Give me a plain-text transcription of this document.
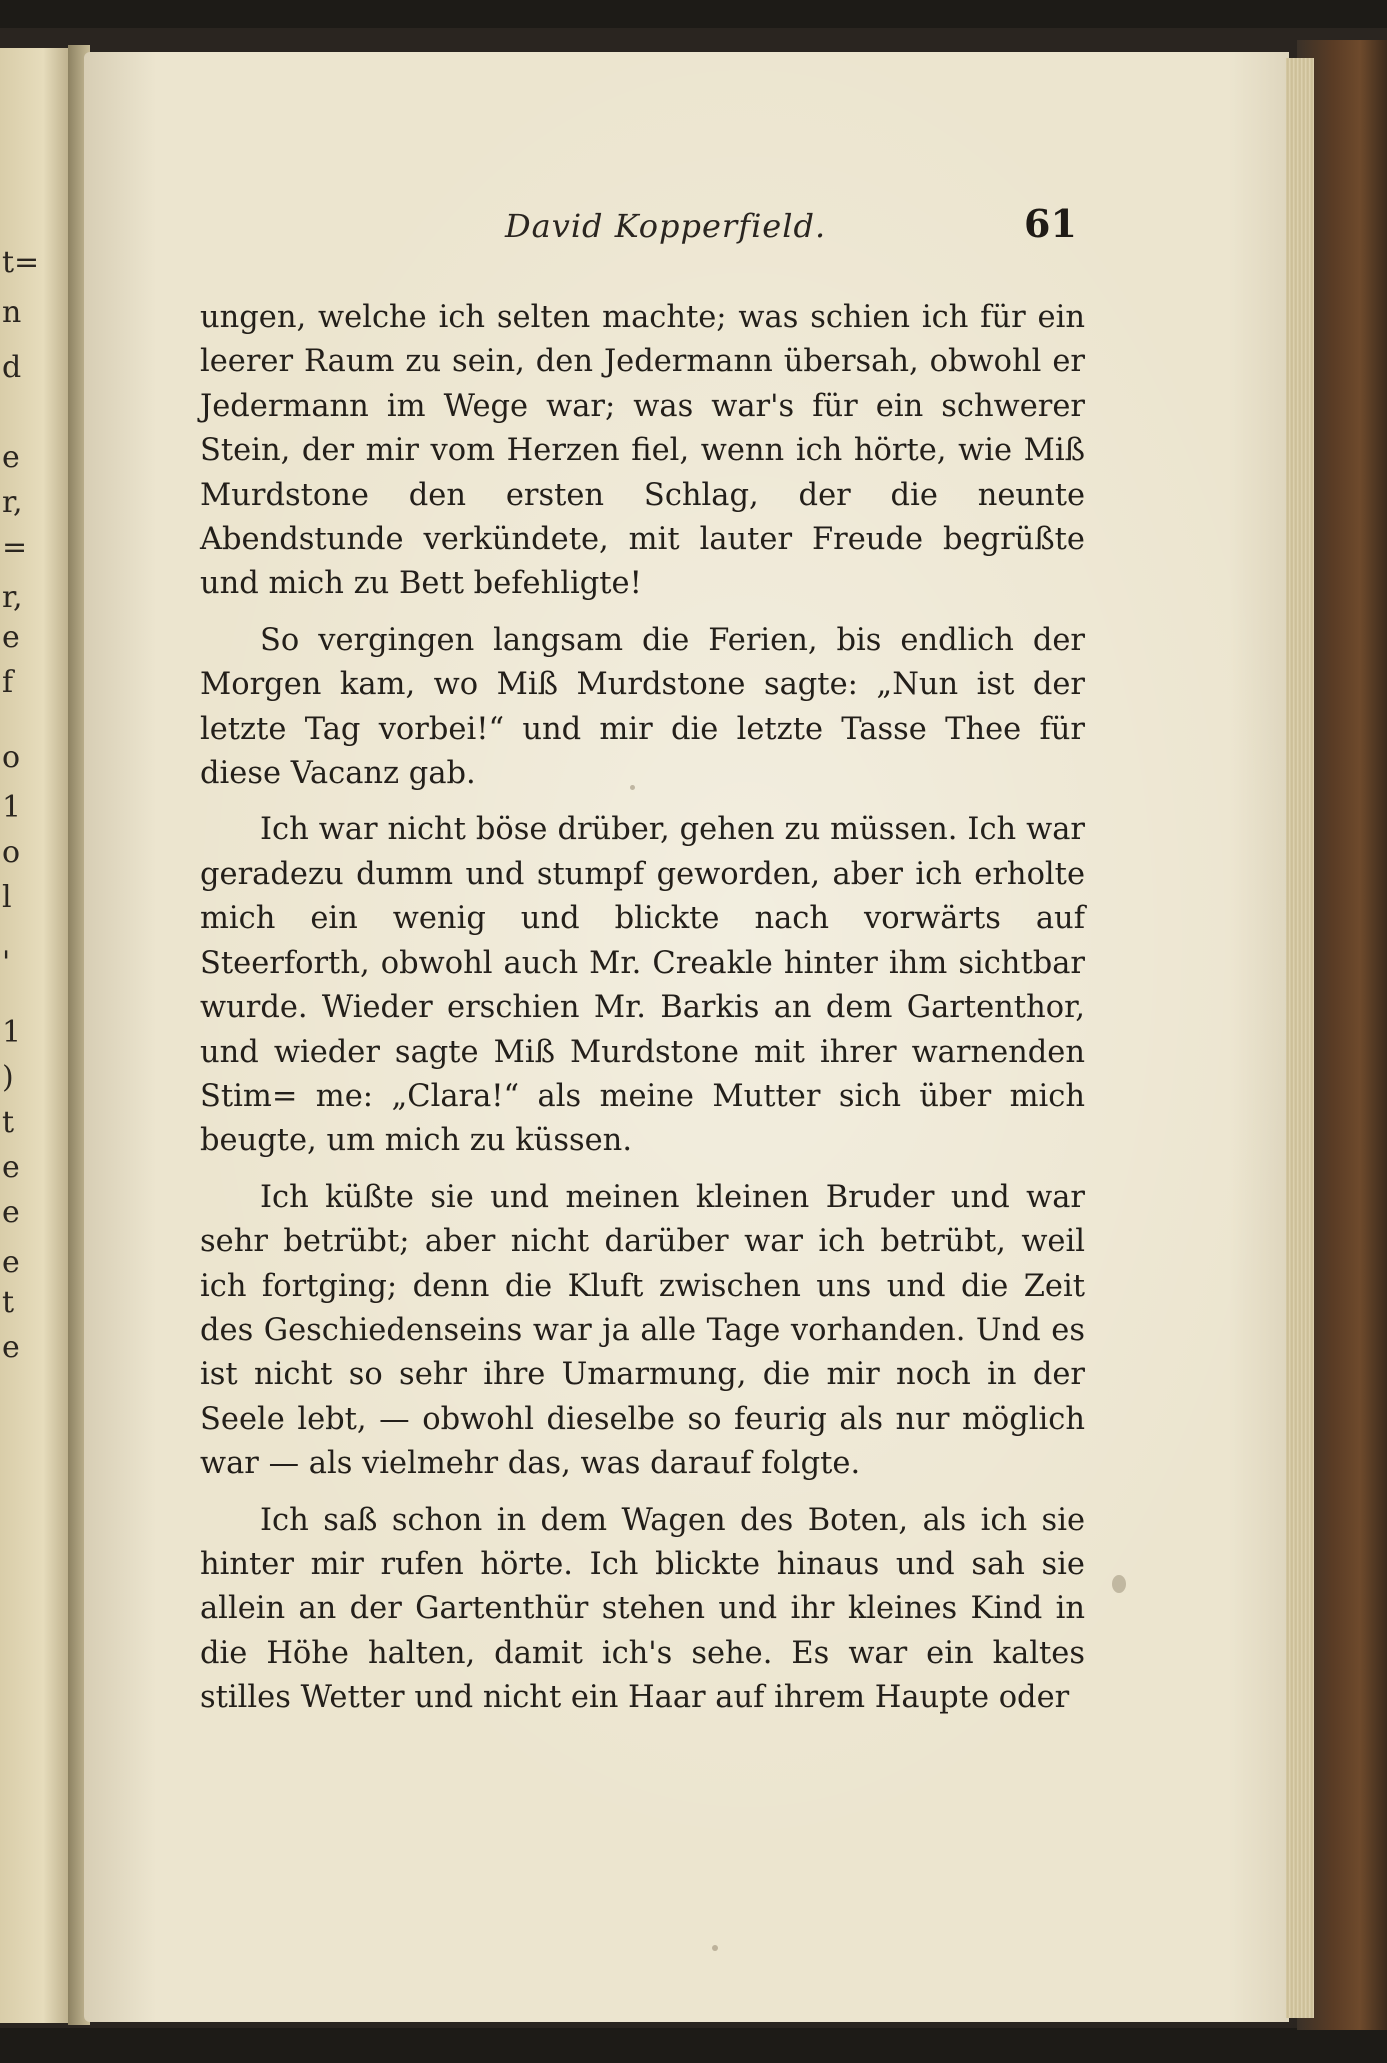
t=
n
d
e
r,
=
r,
e
f
o
1
o
l
'
1
)
t
e
e
e
t
e
David Kopperfield.	61

ungen, welche ich selten machte; was schien ich für ein leerer Raum zu sein, den Jedermann übersah, obwohl er Jedermann im Wege war; was war's für ein schwerer Stein, der mir vom Herzen fiel, wenn ich hörte, wie Miß Murdstone den ersten Schlag, der die neunte Abendstunde verkündete, mit lauter Freude begrüßte und mich zu Bett befehligte!

So vergingen langsam die Ferien, bis endlich der Morgen kam, wo Miß Murdstone sagte: „Nun ist der letzte Tag vorbei!“ und mir die letzte Tasse Thee für diese Vacanz gab.

Ich war nicht böse drüber, gehen zu müssen. Ich war geradezu dumm und stumpf geworden, aber ich erholte mich ein wenig und blickte nach vorwärts auf Steerforth, obwohl auch Mr. Creakle hinter ihm sichtbar wurde. Wieder erschien Mr. Barkis an dem Gartenthor, und wieder sagte Miß Murdstone mit ihrer warnenden Stim= me: „Clara!“ als meine Mutter sich über mich beugte, um mich zu küssen.

Ich küßte sie und meinen kleinen Bruder und war sehr betrübt; aber nicht darüber war ich betrübt, weil ich fortging; denn die Kluft zwischen uns und die Zeit des Geschiedenseins war ja alle Tage vorhanden. Und es ist nicht so sehr ihre Umarmung, die mir noch in der Seele lebt, — obwohl dieselbe so feurig als nur möglich war — als vielmehr das, was darauf folgte.

Ich saß schon in dem Wagen des Boten, als ich sie hinter mir rufen hörte. Ich blickte hinaus und sah sie allein an der Gartenthür stehen und ihr kleines Kind in die Höhe halten, damit ich's sehe. Es war ein kaltes stilles Wetter und nicht ein Haar auf ihrem Haupte oder
